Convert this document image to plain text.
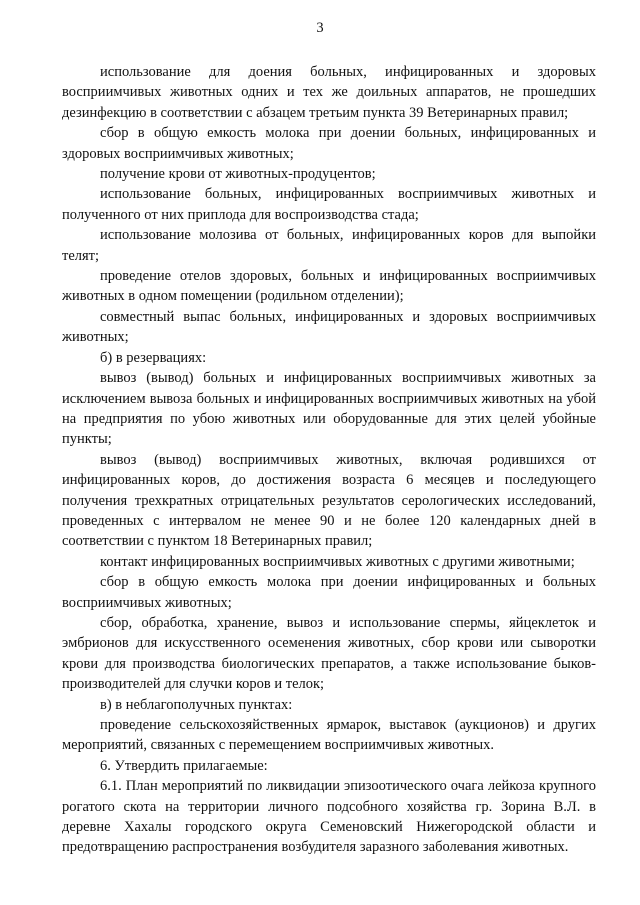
3

использование для доения больных, инфицированных и здоровых восприимчивых животных одних и тех же доильных аппаратов, не прошедших дезинфекцию в соответствии с абзацем третьим пункта 39 Ветеринарных правил;

сбор в общую емкость молока при доении больных, инфицированных и здоровых восприимчивых животных;

получение крови от животных-продуцентов;

использование больных, инфицированных восприимчивых животных и полученного от них приплода для воспроизводства стада;

использование молозива от больных, инфицированных коров для выпойки телят;

проведение отелов здоровых, больных и инфицированных восприимчивых животных в одном помещении (родильном отделении);

совместный выпас больных, инфицированных и здоровых восприимчивых животных;

б) в резервациях:

вывоз (вывод) больных и инфицированных восприимчивых животных за исключением вывоза больных и инфицированных восприимчивых животных на убой на предприятия по убою животных или оборудованные для этих целей убойные пункты;

вывоз (вывод) восприимчивых животных, включая родившихся от инфицированных коров, до достижения возраста 6 месяцев и последующего получения трехкратных отрицательных результатов серологических исследований, проведенных с интервалом не менее 90 и не более 120 календарных дней в соответствии с пунктом 18 Ветеринарных правил;

контакт инфицированных восприимчивых животных с другими животными;

сбор в общую емкость молока при доении инфицированных и больных восприимчивых животных;

сбор, обработка, хранение, вывоз и использование спермы, яйцеклеток и эмбрионов для искусственного осеменения животных, сбор крови или сыворотки крови для производства биологических препаратов, а также использование быков-производителей для случки коров и телок;

в) в неблагополучных пунктах:

проведение сельскохозяйственных ярмарок, выставок (аукционов) и других мероприятий, связанных с перемещением восприимчивых животных.

6. Утвердить прилагаемые:

6.1. План мероприятий по ликвидации эпизоотического очага лейкоза крупного рогатого скота на территории личного подсобного хозяйства гр. Зорина В.Л. в деревне Хахалы городского округа Семеновский Нижегородской области и предотвращению распространения возбудителя заразного заболевания животных.
